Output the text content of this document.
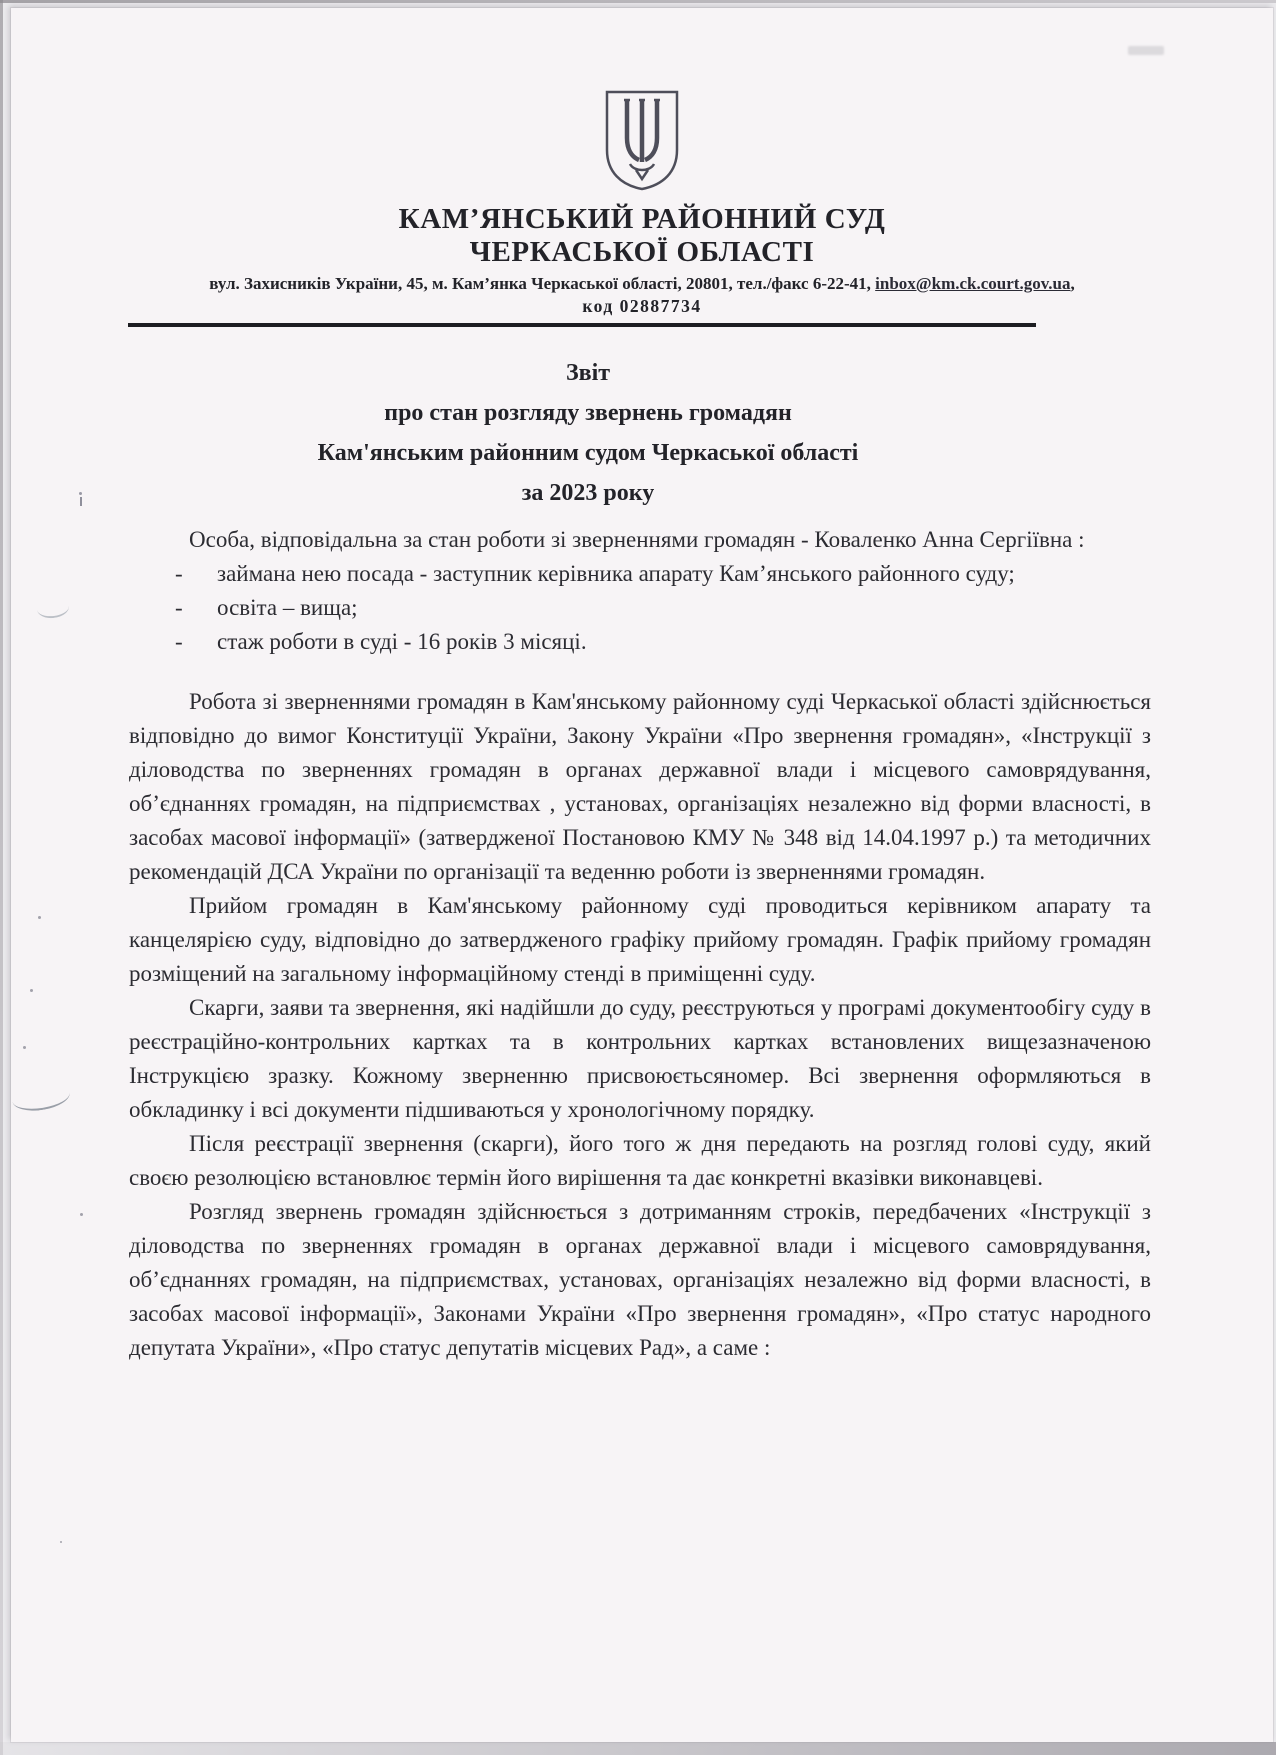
КАМ’ЯНСЬКИЙ РАЙОННИЙ СУД
ЧЕРКАСЬКОЇ ОБЛАСТІ
вул. Захисників України, 45, м. Кам’янка Черкаської області, 20801, тел./факс 6-22-41, inbox@km.ck.court.gov.ua,
код 02887734
Звіт
про стан розгляду звернень громадян
Кам'янським районним судом Черкаської області
за 2023 року

Особа, відповідальна за стан роботи зі зверненнями громадян - Коваленко Анна Сергіївна :

- займана нею посада - заступник керівника апарату Кам’янського районного суду;
- освіта – вища;
- стаж роботи в суді - 16 років 3 місяці.

Робота зі зверненнями громадян в Кам'янському районному суді Черкаської області здійснюється відповідно до вимог Конституції України, Закону України «Про звернення громадян», «Інструкції з діловодства по зверненнях громадян в органах державної влади і місцевого самоврядування, об’єднаннях громадян, на підприємствах , установах, організаціях незалежно від форми власності, в засобах масової інформації» (затвердженої Постановою КМУ № 348 від 14.04.1997 р.) та методичних рекомендацій ДСА України по організації та веденню роботи із зверненнями громадян.

Прийом громадян в Кам'янському районному суді проводиться керівником апарату та канцелярією суду, відповідно до затвердженого графіку прийому громадян. Графік прийому громадян розміщений на загальному інформаційному стенді в приміщенні суду.

Скарги, заяви та звернення, які надійшли до суду, реєструються у програмі документообігу суду в реєстраційно-контрольних картках та в контрольних картках встановлених вищезазначеною Інструкцією зразку. Кожному зверненню присвоюєтьсяномер. Всі звернення оформляються в обкладинку і всі документи підшиваються у хронологічному порядку.

Після реєстрації звернення (скарги), його того ж дня передають на розгляд голові суду, який своєю резолюцією встановлює термін його вирішення та дає конкретні вказівки виконавцеві.

Розгляд звернень громадян здійснюється з дотриманням строків, передбачених «Інструкції з діловодства по зверненнях громадян в органах державної влади і місцевого самоврядування, об’єднаннях громадян, на підприємствах, установах, організаціях незалежно від форми власності, в засобах масової інформації», Законами України «Про звернення громадян», «Про статус народного депутата України», «Про статус депутатів місцевих Рад», а саме :
